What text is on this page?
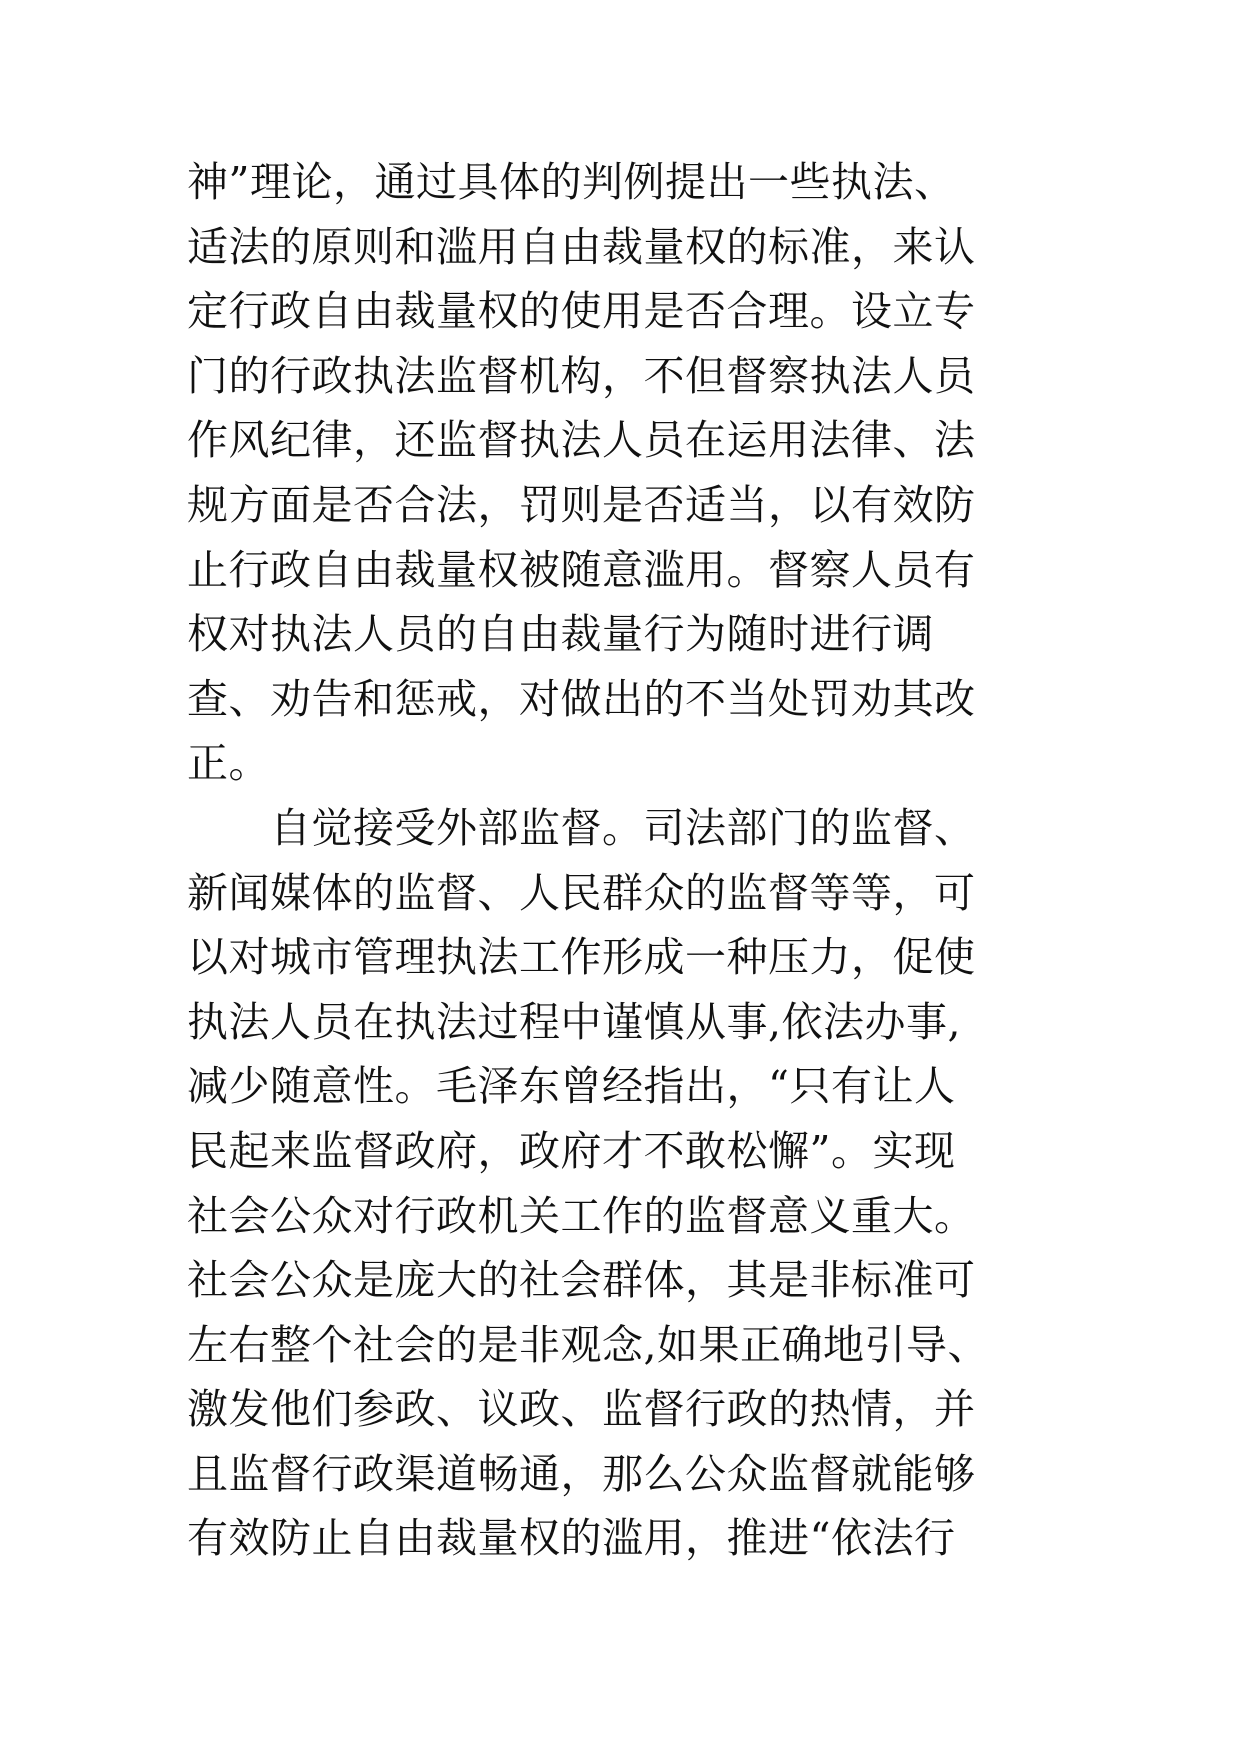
神”理论，通过具体的判例提出一些执法、
适法的原则和滥用自由裁量权的标准，来认
定行政自由裁量权的使用是否合理。设立专
门的行政执法监督机构，不但督察执法人员
作风纪律，还监督执法人员在运用法律、法
规方面是否合法，罚则是否适当，以有效防
止行政自由裁量权被随意滥用。督察人员有
权对执法人员的自由裁量行为随时进行调
查、劝告和惩戒，对做出的不当处罚劝其改
正。
　　自觉接受外部监督。司法部门的监督、
新闻媒体的监督、人民群众的监督等等，可
以对城市管理执法工作形成一种压力，促使
执法人员在执法过程中谨慎从事,依法办事,
减少随意性。毛泽东曾经指出，“只有让人
民起来监督政府，政府才不敢松懈”。实现
社会公众对行政机关工作的监督意义重大。
社会公众是庞大的社会群体，其是非标准可
左右整个社会的是非观念,如果正确地引导、
激发他们参政、议政、监督行政的热情，并
且监督行政渠道畅通，那么公众监督就能够
有效防止自由裁量权的滥用，推进“依法行
